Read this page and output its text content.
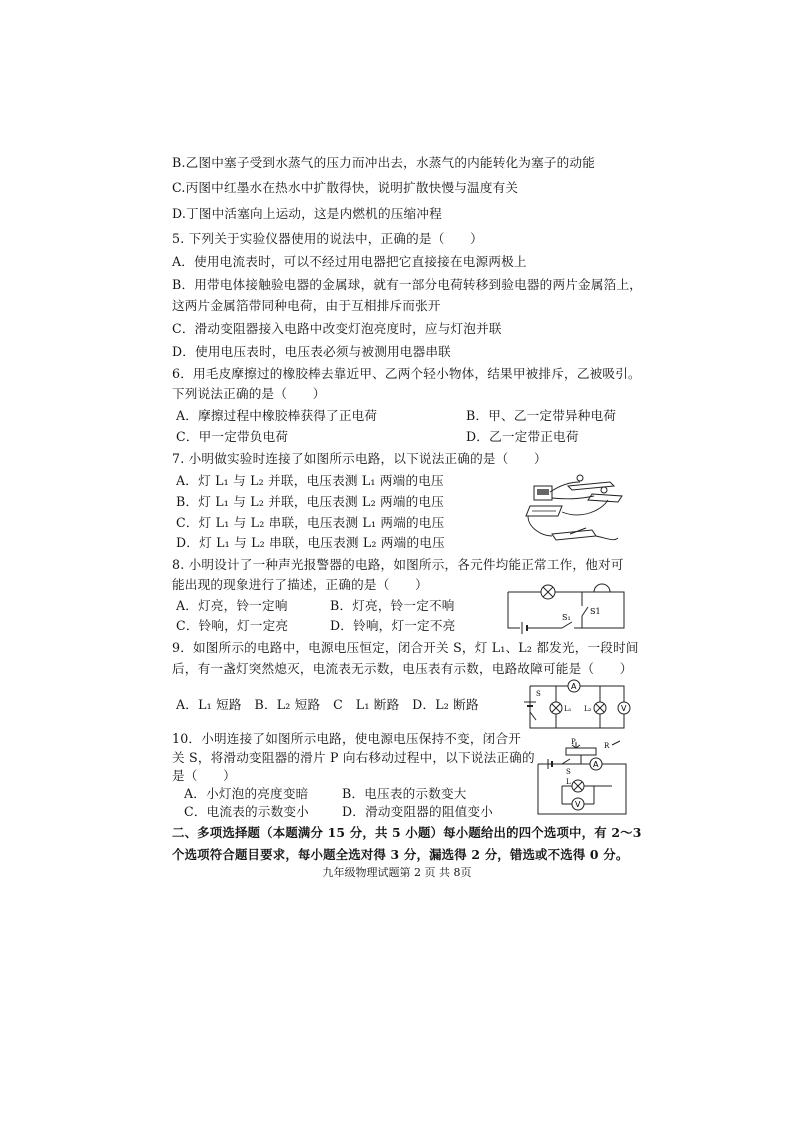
B.乙图中塞子受到水蒸气的压力而冲出去，水蒸气的内能转化为塞子的动能
C.丙图中红墨水在热水中扩散得快，说明扩散快慢与温度有关
D.丁图中活塞向上运动，这是内燃机的压缩冲程
5. 下列关于实验仪器使用的说法中，正确的是（　　）
A．使用电流表时，可以不经过用电器把它直接接在电源两极上
B．用带电体接触验电器的金属球，就有一部分电荷转移到验电器的两片金属箔上，
这两片金属箔带同种电荷，由于互相排斥而张开
C．滑动变阻器接入电路中改变灯泡亮度时，应与灯泡并联
D．使用电压表时，电压表必须与被测用电器串联
6．用毛皮摩擦过的橡胶棒去靠近甲、乙两个轻小物体，结果甲被排斥，乙被吸引。
下列说法正确的是（　　）
A．摩擦过程中橡胶棒获得了正电荷	B．甲、乙一定带异种电荷
C．甲一定带负电荷	D．乙一定带正电荷
7. 小明做实验时连接了如图所示电路，以下说法正确的是（　　）
A．灯 L₁ 与 L₂ 并联，电压表测 L₁ 两端的电压
B．灯 L₁ 与 L₂ 并联，电压表测 L₂ 两端的电压
C．灯 L₁ 与 L₂ 串联，电压表测 L₁ 两端的电压
D．灯 L₁ 与 L₂ 串联，电压表测 L₂ 两端的电压
8. 小明设计了一种声光报警器的电路，如图所示，各元件均能正常工作，他对可
能出现的现象进行了描述，正确的是（　　）
A．灯亮，铃一定响	B．灯亮，铃一定不响
C．铃响，灯一定亮	D．铃响，灯一定不亮
S₁
S1
9．如图所示的电路中，电源电压恒定，闭合开关 S，灯 L₁、L₂ 都发光，一段时间
后，有一盏灯突然熄灭，电流表无示数，电压表有示数，电路故障可能是（　　）
A．L₁ 短路　B．L₂ 短路　C　L₁ 断路　D．L₂ 断路
A
S
L₁ L₂	V
10．小明连接了如图所示电路，使电源电压保持不变，闭合开
关 S，将滑动变阻器的滑片 P 向右移动过程中，以下说法正确的
是（　　）
A．小灯泡的亮度变暗	B．电压表的示数变大
C．电流表的示数变小	D．滑动变阻器的阻值变小
P	R
S
A
L
V
二、多项选择题（本题满分 15 分，共 5 小题）每小题给出的四个选项中，有 2～3
个选项符合题目要求，每小题全选对得 3 分，漏选得 2 分，错选或不选得 0 分。
九年级物理试题第 2 页 共 8页
